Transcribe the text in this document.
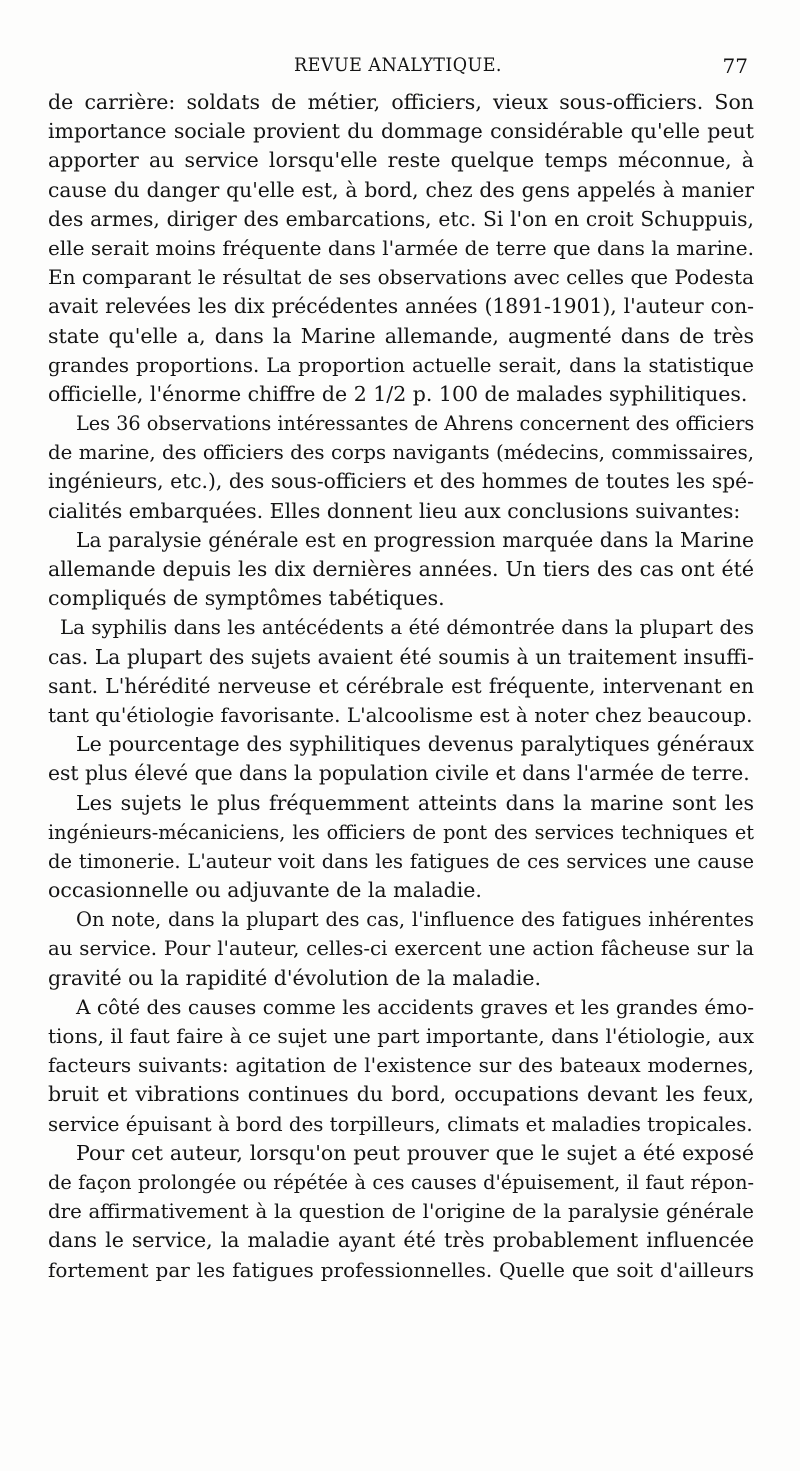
REVUE ANALYTIQUE.	77
de carrière: soldats de métier, officiers, vieux sous-officiers. Son
importance sociale provient du dommage considérable qu'elle peut
apporter au service lorsqu'elle reste quelque temps méconnue, à
cause du danger qu'elle est, à bord, chez des gens appelés à manier
des armes, diriger des embarcations, etc. Si l'on en croit Schuppuis,
elle serait moins fréquente dans l'armée de terre que dans la marine.
En comparant le résultat de ses observations avec celles que Podesta
avait relevées les dix précédentes années (1891-1901), l'auteur con-
state qu'elle a, dans la Marine allemande, augmenté dans de très
grandes proportions. La proportion actuelle serait, dans la statistique
officielle, l'énorme chiffre de 2 1/2 p. 100 de malades syphilitiques.
Les 36 observations intéressantes de Ahrens concernent des officiers
de marine, des officiers des corps navigants (médecins, commissaires,
ingénieurs, etc.), des sous-officiers et des hommes de toutes les spé-
cialités embarquées. Elles donnent lieu aux conclusions suivantes:
La paralysie générale est en progression marquée dans la Marine
allemande depuis les dix dernières années. Un tiers des cas ont été
compliqués de symptômes tabétiques.
La syphilis dans les antécédents a été démontrée dans la plupart des
cas. La plupart des sujets avaient été soumis à un traitement insuffi-
sant. L'hérédité nerveuse et cérébrale est fréquente, intervenant en
tant qu'étiologie favorisante. L'alcoolisme est à noter chez beaucoup.
Le pourcentage des syphilitiques devenus paralytiques généraux
est plus élevé que dans la population civile et dans l'armée de terre.
Les sujets le plus fréquemment atteints dans la marine sont les
ingénieurs-mécaniciens, les officiers de pont des services techniques et
de timonerie. L'auteur voit dans les fatigues de ces services une cause
occasionnelle ou adjuvante de la maladie.
On note, dans la plupart des cas, l'influence des fatigues inhérentes
au service. Pour l'auteur, celles-ci exercent une action fâcheuse sur la
gravité ou la rapidité d'évolution de la maladie.
A côté des causes comme les accidents graves et les grandes émo-
tions, il faut faire à ce sujet une part importante, dans l'étiologie, aux
facteurs suivants: agitation de l'existence sur des bateaux modernes,
bruit et vibrations continues du bord, occupations devant les feux,
service épuisant à bord des torpilleurs, climats et maladies tropicales.
Pour cet auteur, lorsqu'on peut prouver que le sujet a été exposé
de façon prolongée ou répétée à ces causes d'épuisement, il faut répon-
dre affirmativement à la question de l'origine de la paralysie générale
dans le service, la maladie ayant été très probablement influencée
fortement par les fatigues professionnelles. Quelle que soit d'ailleurs
